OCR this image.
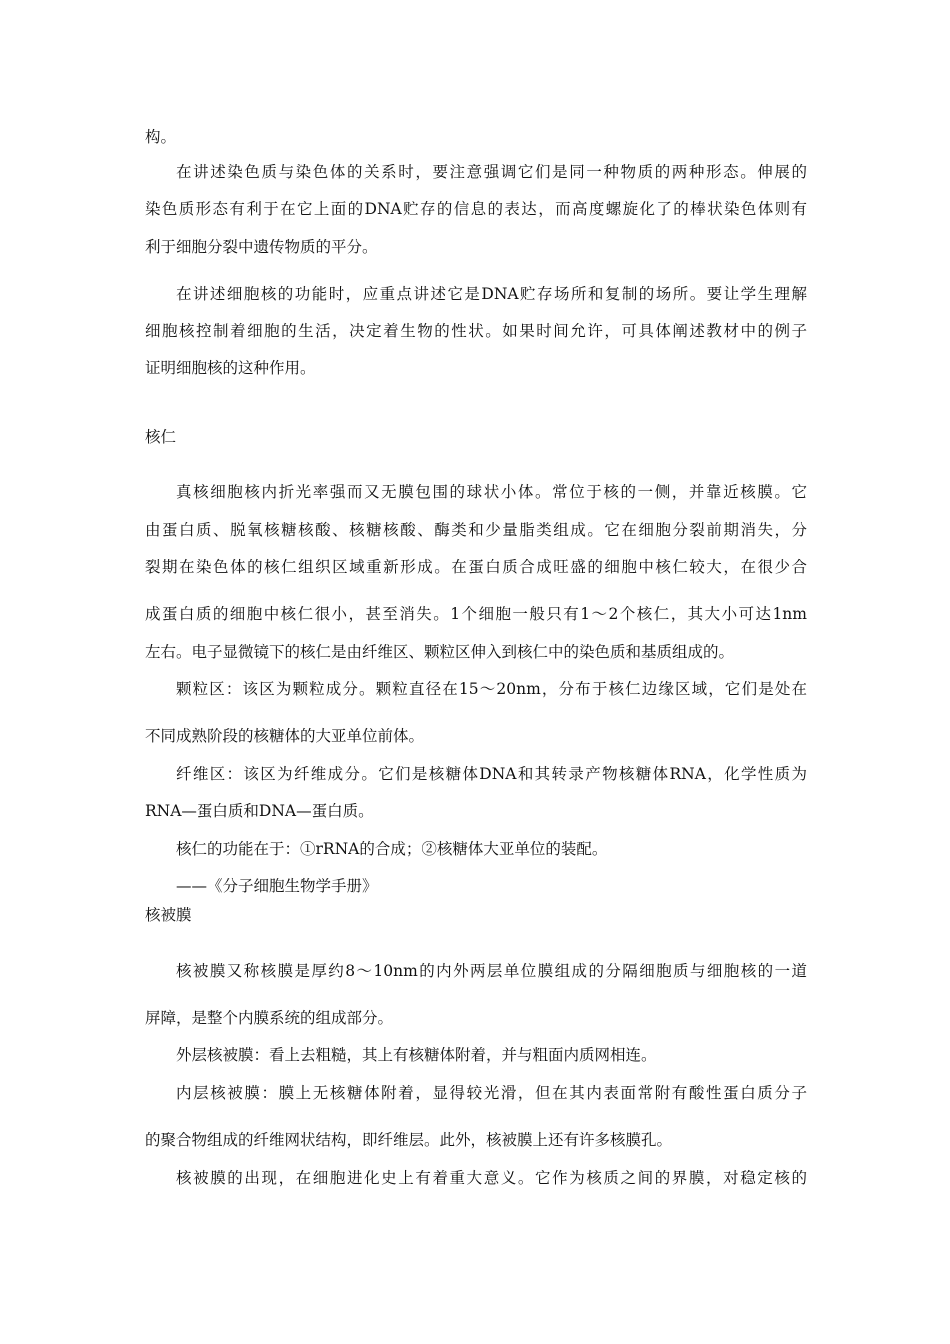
构。
在讲述染色质与染色体的关系时，要注意强调它们是同一种物质的两种形态。伸展的
染色质形态有利于在它上面的DNA贮存的信息的表达，而高度螺旋化了的棒状染色体则有
利于细胞分裂中遗传物质的平分。
在讲述细胞核的功能时，应重点讲述它是DNA贮存场所和复制的场所。要让学生理解
细胞核控制着细胞的生活，决定着生物的性状。如果时间允许，可具体阐述教材中的例子
证明细胞核的这种作用。
核仁
真核细胞核内折光率强而又无膜包围的球状小体。常位于核的一侧，并靠近核膜。它
由蛋白质、脱氧核糖核酸、核糖核酸、酶类和少量脂类组成。它在细胞分裂前期消失，分
裂期在染色体的核仁组织区域重新形成。在蛋白质合成旺盛的细胞中核仁较大，在很少合
成蛋白质的细胞中核仁很小，甚至消失。1个细胞一般只有1～2个核仁，其大小可达1nm
左右。电子显微镜下的核仁是由纤维区、颗粒区伸入到核仁中的染色质和基质组成的。
颗粒区：该区为颗粒成分。颗粒直径在15～20nm，分布于核仁边缘区域，它们是处在
不同成熟阶段的核糖体的大亚单位前体。
纤维区：该区为纤维成分。它们是核糖体DNA和其转录产物核糖体RNA，化学性质为
RNA—蛋白质和DNA—蛋白质。
核仁的功能在于：①rRNA的合成；②核糖体大亚单位的装配。
——《分子细胞生物学手册》
核被膜
核被膜又称核膜是厚约8～10nm的内外两层单位膜组成的分隔细胞质与细胞核的一道
屏障，是整个内膜系统的组成部分。
外层核被膜：看上去粗糙，其上有核糖体附着，并与粗面内质网相连。
内层核被膜：膜上无核糖体附着，显得较光滑，但在其内表面常附有酸性蛋白质分子
的聚合物组成的纤维网状结构，即纤维层。此外，核被膜上还有许多核膜孔。
核被膜的出现，在细胞进化史上有着重大意义。它作为核质之间的界膜，对稳定核的
